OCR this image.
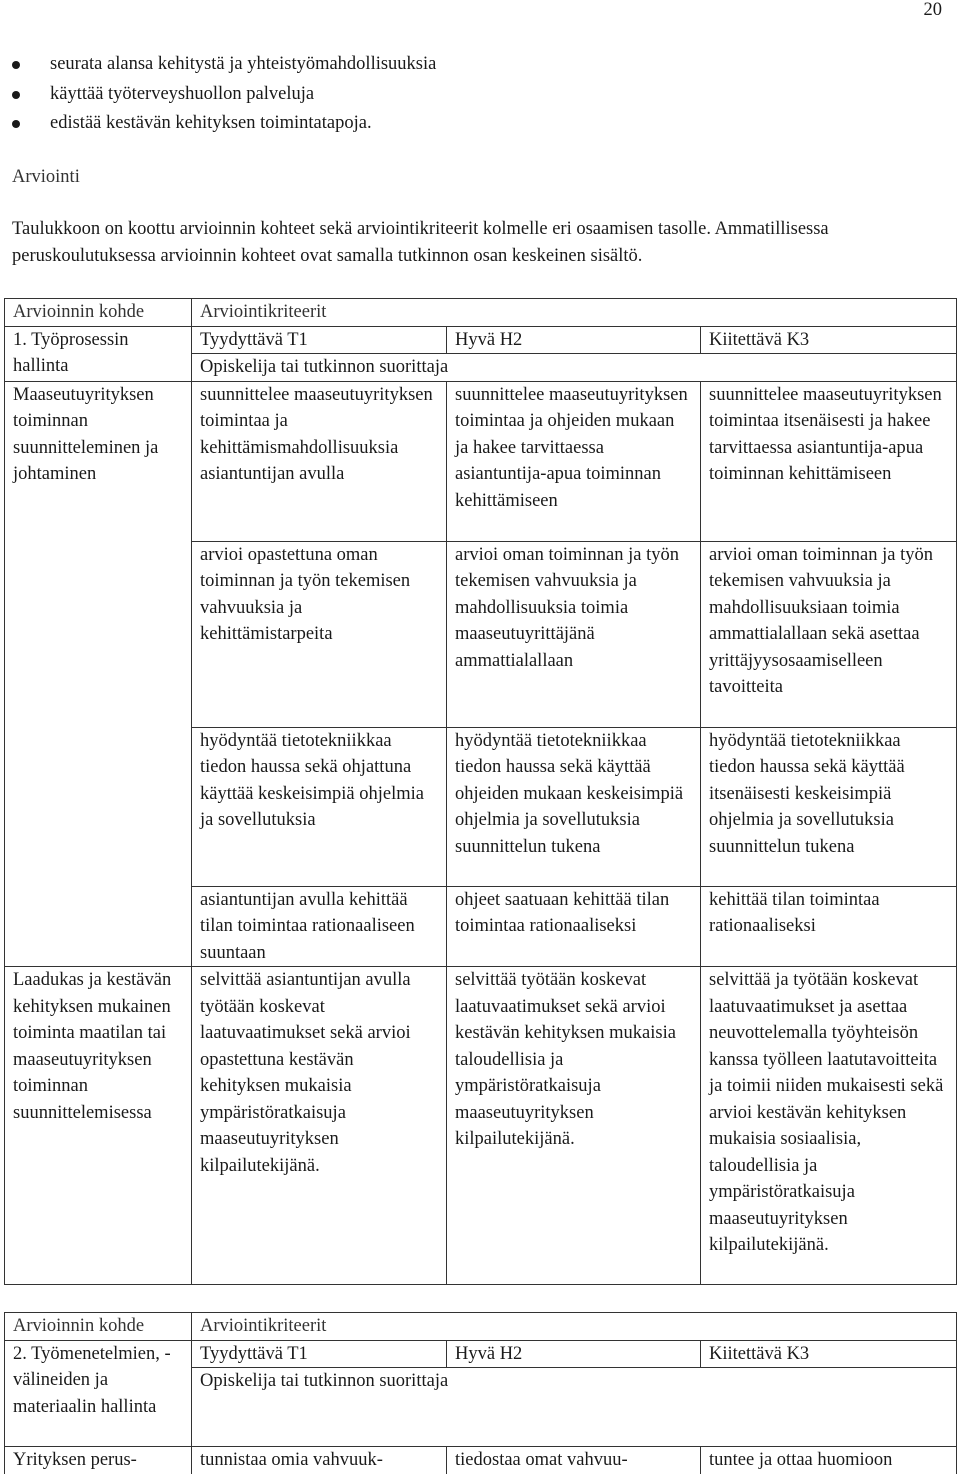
20
seurata alansa kehitystä ja yhteistyömahdollisuuksia
käyttää työterveyshuollon palveluja
edistää kestävän kehityksen toimintatapoja.
Arviointi
Taulukkoon on koottu arvioinnin kohteet sekä arviointikriteerit kolmelle eri osaamisen tasolle. Ammatillisessa peruskoulutuksessa arvioinnin kohteet ovat samalla tutkinnon osan keskeinen sisältö.
Arvioinnin kohde	Arviointikriteerit		
1. Työprosessin hallinta	Tyydyttävä T1	Hyvä H2	Kiitettävä K3
	Opiskelija tai tutkinnon suorittaja		
Maaseutuyrityksen toiminnan suunnitteleminen ja johtaminen	suunnittelee maaseutuyrityksen toimintaa ja kehittämismahdollisuuksia asiantuntijan avulla	suunnittelee maaseutuyrityksen toimintaa ja ohjeiden mukaan ja hakee tarvittaessa asiantuntija-apua toiminnan kehittämiseen	suunnittelee maaseutuyrityksen toimintaa itsenäisesti ja hakee tarvittaessa asiantuntija-apua toiminnan kehittämiseen
	arvioi opastettuna oman toiminnan ja työn tekemisen vahvuuksia ja kehittämistarpeita	arvioi oman toiminnan ja työn tekemisen vahvuuksia ja mahdollisuuksia toimia maaseutuyrittäjänä ammattialallaan	arvioi oman toiminnan ja työn tekemisen vahvuuksia ja mahdollisuuksiaan toimia ammattialallaan sekä asettaa yrittäjyysosaamiselleen tavoitteita
	hyödyntää tietotekniikkaa tiedon haussa sekä ohjattuna käyttää keskeisimpiä ohjelmia ja sovellutuksia	hyödyntää tietotekniikkaa tiedon haussa sekä käyttää ohjeiden mukaan keskeisimpiä ohjelmia ja sovellutuksia suunnittelun tukena	hyödyntää tietotekniikkaa tiedon haussa sekä käyttää itsenäisesti keskeisimpiä ohjelmia ja sovellutuksia suunnittelun tukena
	asiantuntijan avulla kehittää tilan toimintaa rationaaliseen suuntaan	ohjeet saatuaan kehittää tilan toimintaa rationaaliseksi	kehittää tilan toimintaa rationaaliseksi
Laadukas ja kestävän kehityksen mukainen toiminta maatilan tai maaseutuyrityksen toiminnan suunnittelemisessa	selvittää asiantuntijan avulla työtään koskevat laatuvaatimukset sekä arvioi opastettuna kestävän kehityksen mukaisia ympäristöratkaisuja maaseutuyrityksen kilpailutekijänä.	selvittää työtään koskevat laatuvaatimukset sekä arvioi kestävän kehityksen mukaisia taloudellisia ja ympäristöratkaisuja maaseutuyrityksen kilpailutekijänä.	selvittää ja työtään koskevat laatuvaatimukset ja asettaa neuvottelemalla työyhteisön kanssa työlleen laatutavoitteita ja toimii niiden mukaisesti sekä arvioi kestävän kehityksen mukaisia sosiaalisia, taloudellisia ja ympäristöratkaisuja maaseutuyrityksen kilpailutekijänä.
Arvioinnin kohde	Arviointikriteerit		
2. Työmenetelmien, -välineiden ja materiaalin hallinta	Tyydyttävä T1	Hyvä H2	Kiitettävä K3
	Opiskelija tai tutkinnon suorittaja		
Yrityksen perus-	tunnistaa omia vahvuuk-	tiedostaa omat vahvuu-	tuntee ja ottaa huomioon
